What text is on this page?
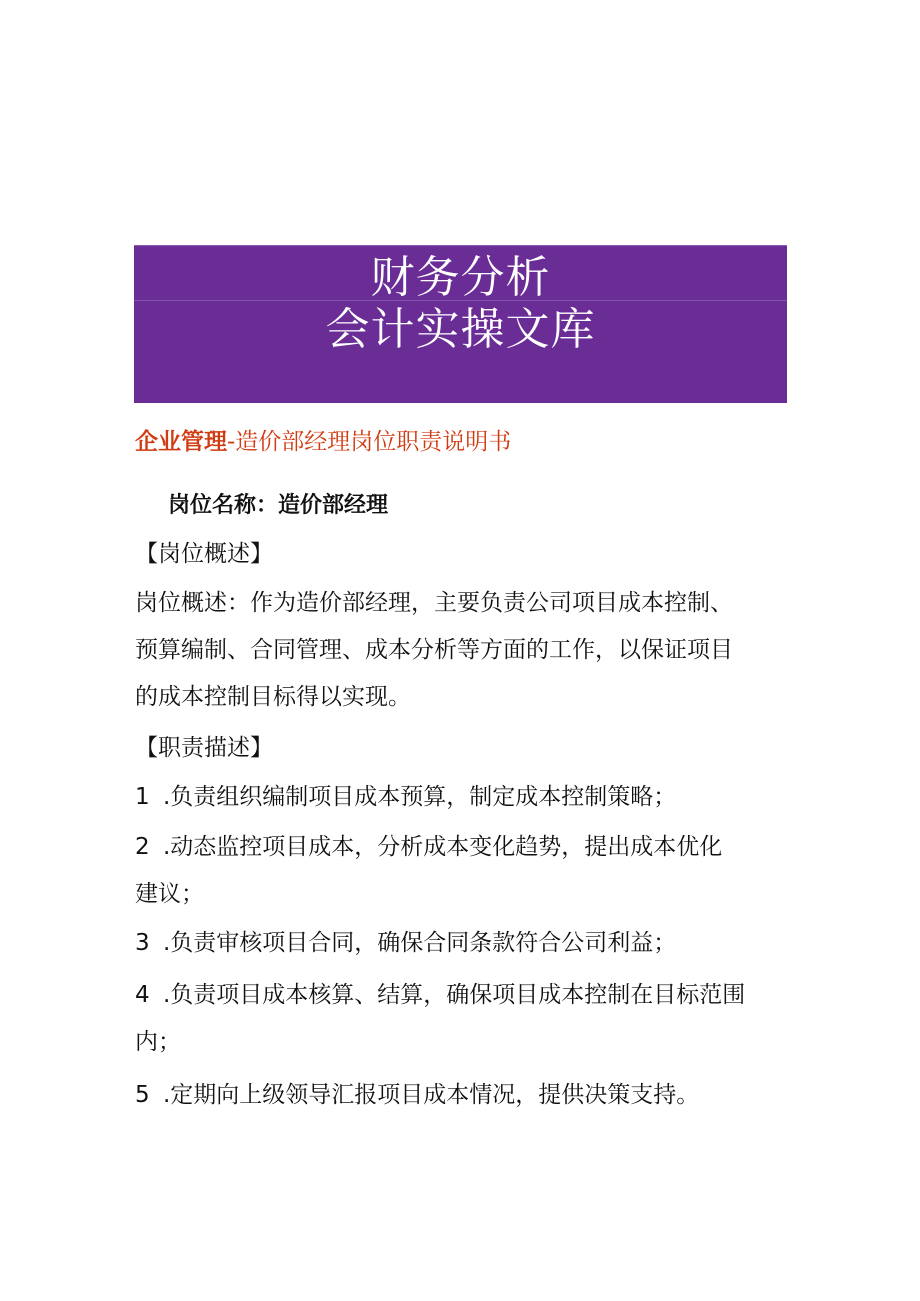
财务分析
会计实操文库
企业管理-造价部经理岗位职责说明书
岗位名称：造价部经理
【岗位概述】
岗位概述：作为造价部经理，主要负责公司项目成本控制、
预算编制、合同管理、成本分析等方面的工作，以保证项目
的成本控制目标得以实现。
【职责描述】
1 .负责组织编制项目成本预算，制定成本控制策略；
2 .动态监控项目成本，分析成本变化趋势，提出成本优化
建议；
3 .负责审核项目合同，确保合同条款符合公司利益；
4 .负责项目成本核算、结算，确保项目成本控制在目标范围
内；
5 .定期向上级领导汇报项目成本情况，提供决策支持。
